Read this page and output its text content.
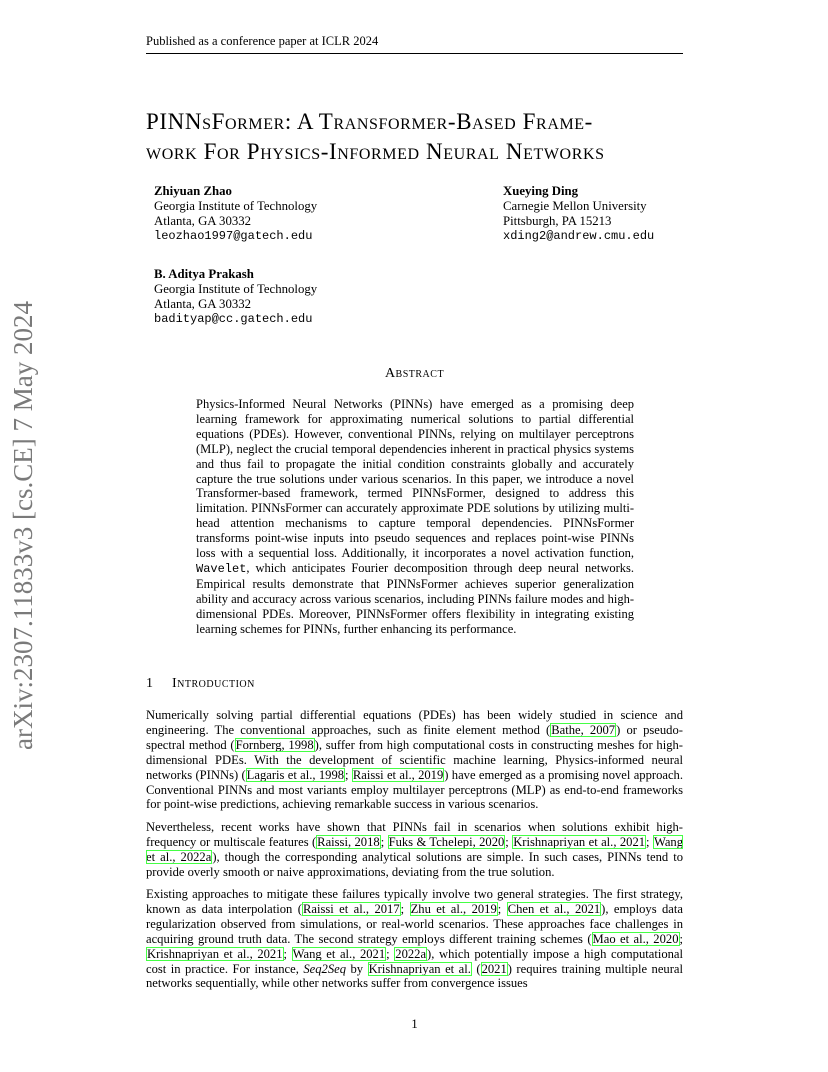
Published as a conference paper at ICLR 2024
arXiv:2307.11833v3 [cs.CE] 7 May 2024
PINNsFormer: A Transformer-Based Frame-
work For Physics-Informed Neural Networks
Zhiyuan Zhao
Georgia Institute of Technology
Atlanta, GA 30332
leozhao1997@gatech.edu
Xueying Ding
Carnegie Mellon University
Pittsburgh, PA 15213
xding2@andrew.cmu.edu
B. Aditya Prakash
Georgia Institute of Technology
Atlanta, GA 30332
badityap@cc.gatech.edu
Abstract
Physics-Informed Neural Networks (PINNs) have emerged as a promising deep learning framework for approximating numerical solutions to partial differential equations (PDEs). However, conventional PINNs, relying on multilayer perceptrons (MLP), neglect the crucial temporal dependencies inherent in practical physics systems and thus fail to propagate the initial condition constraints globally and accurately capture the true solutions under various scenarios. In this paper, we introduce a novel Transformer-based framework, termed PINNsFormer, designed to address this limitation. PINNsFormer can accurately approximate PDE solutions by utilizing multi-head attention mechanisms to capture temporal dependencies. PINNsFormer transforms point-wise inputs into pseudo sequences and replaces point-wise PINNs loss with a sequential loss. Additionally, it incorporates a novel activation function, Wavelet, which anticipates Fourier decomposition through deep neural networks. Empirical results demonstrate that PINNsFormer achieves superior generalization ability and accuracy across various scenarios, including PINNs failure modes and high-dimensional PDEs. Moreover, PINNsFormer offers flexibility in integrating existing learning schemes for PINNs, further enhancing its performance.
1 Introduction
Numerically solving partial differential equations (PDEs) has been widely studied in science and engineering. The conventional approaches, such as finite element method (Bathe, 2007) or pseudo-spectral method (Fornberg, 1998), suffer from high computational costs in constructing meshes for high-dimensional PDEs. With the development of scientific machine learning, Physics-informed neural networks (PINNs) (Lagaris et al., 1998; Raissi et al., 2019) have emerged as a promising novel approach. Conventional PINNs and most variants employ multilayer perceptrons (MLP) as end-to-end frameworks for point-wise predictions, achieving remarkable success in various scenarios.
Nevertheless, recent works have shown that PINNs fail in scenarios when solutions exhibit high-frequency or multiscale features (Raissi, 2018; Fuks & Tchelepi, 2020; Krishnapriyan et al., 2021; Wang et al., 2022a), though the corresponding analytical solutions are simple. In such cases, PINNs tend to provide overly smooth or naive approximations, deviating from the true solution.
Existing approaches to mitigate these failures typically involve two general strategies. The first strategy, known as data interpolation (Raissi et al., 2017; Zhu et al., 2019; Chen et al., 2021), employs data regularization observed from simulations, or real-world scenarios. These approaches face challenges in acquiring ground truth data. The second strategy employs different training schemes (Mao et al., 2020; Krishnapriyan et al., 2021; Wang et al., 2021; 2022a), which potentially impose a high computational cost in practice. For instance, Seq2Seq by Krishnapriyan et al. (2021) requires training multiple neural networks sequentially, while other networks suffer from convergence issues
1
